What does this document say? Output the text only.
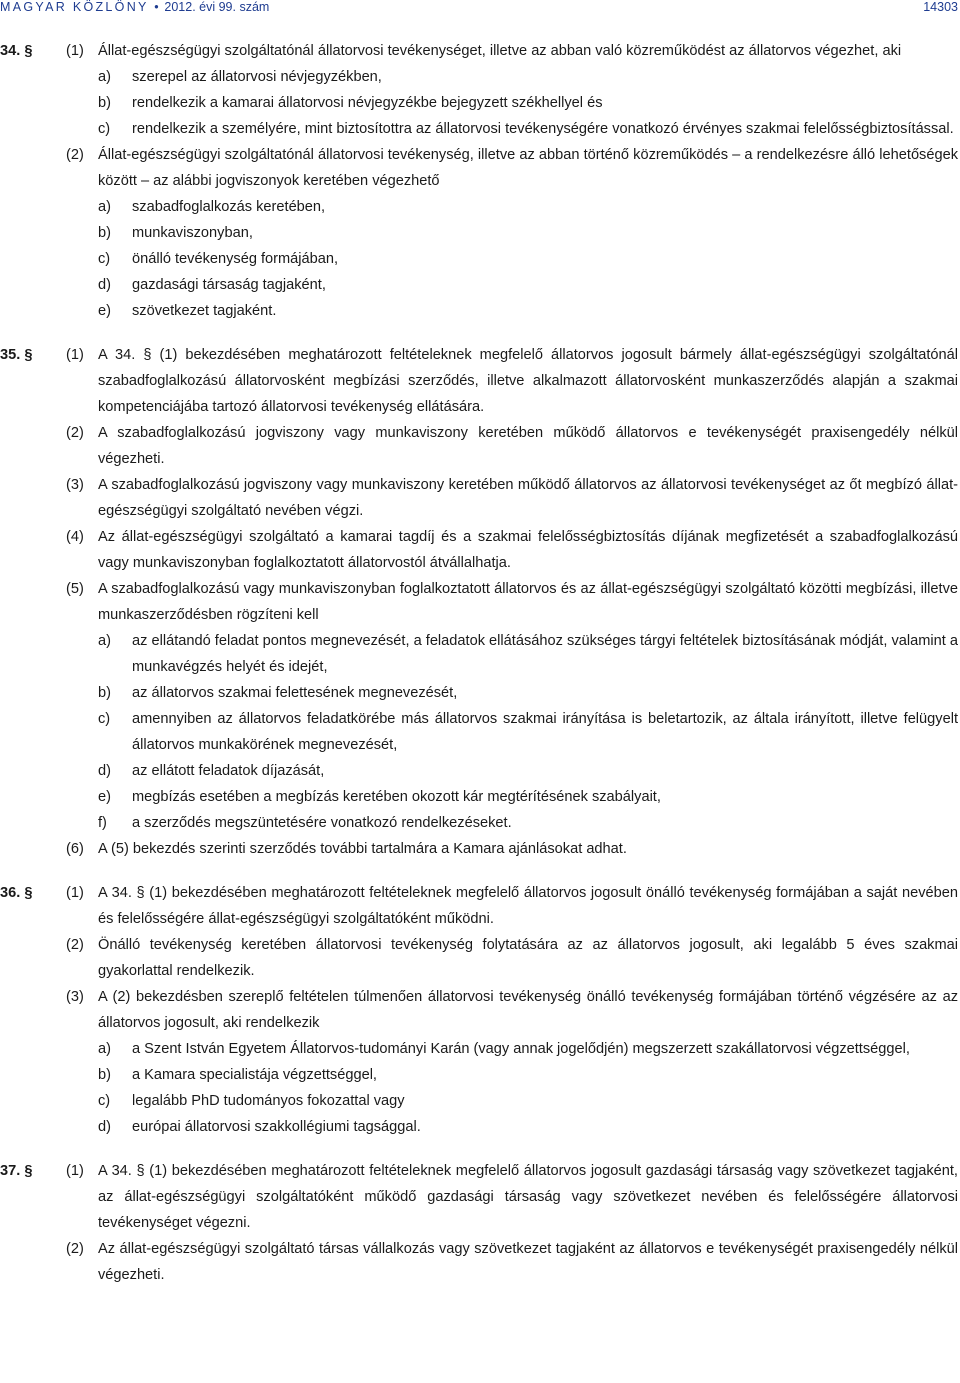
MAGYAR KÖZLÖNY • 2012. évi 99. szám	14303
34. § (1) Állat-egészségügyi szolgáltatónál állatorvosi tevékenységet, illetve az abban való közreműködést az állatorvos végezhet, aki
a) szerepel az állatorvosi névjegyzékben,
b) rendelkezik a kamarai állatorvosi névjegyzékbe bejegyzett székhellyel és
c) rendelkezik a személyére, mint biztosítottra az állatorvosi tevékenységére vonatkozó érvényes szakmai felelősségbiztosítással.
(2) Állat-egészségügyi szolgáltatónál állatorvosi tevékenység, illetve az abban történő közreműködés – a rendelkezésre álló lehetőségek között – az alábbi jogviszonyok keretében végezhető
a) szabadfoglalkozás keretében,
b) munkaviszonyban,
c) önálló tevékenység formájában,
d) gazdasági társaság tagjaként,
e) szövetkezet tagjaként.
35. § (1) A 34. § (1) bekezdésében meghatározott feltételeknek megfelelő állatorvos jogosult bármely állat-egészségügyi szolgáltatónál szabadfoglalkozású állatorvosként megbízási szerződés, illetve alkalmazott állatorvosként munkaszerződés alapján a szakmai kompetenciájába tartozó állatorvosi tevékenység ellátására.
(2) A szabadfoglalkozású jogviszony vagy munkaviszony keretében működő állatorvos e tevékenységét praxisengedély nélkül végezheti.
(3) A szabadfoglalkozású jogviszony vagy munkaviszony keretében működő állatorvos az állatorvosi tevékenységet az őt megbízó állat-egészségügyi szolgáltató nevében végzi.
(4) Az állat-egészségügyi szolgáltató a kamarai tagdíj és a szakmai felelősségbiztosítás díjának megfizetését a szabadfoglalkozású vagy munkaviszonyban foglalkoztatott állatorvostól átvállalhatja.
(5) A szabadfoglalkozású vagy munkaviszonyban foglalkoztatott állatorvos és az állat-egészségügyi szolgáltató közötti megbízási, illetve munkaszerződésben rögzíteni kell
a) az ellátandó feladat pontos megnevezését, a feladatok ellátásához szükséges tárgyi feltételek biztosításának módját, valamint a munkavégzés helyét és idejét,
b) az állatorvos szakmai felettesének megnevezését,
c) amennyiben az állatorvos feladatkörébe más állatorvos szakmai irányítása is beletartozik, az általa irányított, illetve felügyelt állatorvos munkakörének megnevezését,
d) az ellátott feladatok díjazását,
e) megbízás esetében a megbízás keretében okozott kár megtérítésének szabályait,
f) a szerződés megszüntetésére vonatkozó rendelkezéseket.
(6) A (5) bekezdés szerinti szerződés további tartalmára a Kamara ajánlásokat adhat.
36. § (1) A 34. § (1) bekezdésében meghatározott feltételeknek megfelelő állatorvos jogosult önálló tevékenység formájában a saját nevében és felelősségére állat-egészségügyi szolgáltatóként működni.
(2) Önálló tevékenység keretében állatorvosi tevékenység folytatására az az állatorvos jogosult, aki legalább 5 éves szakmai gyakorlattal rendelkezik.
(3) A (2) bekezdésben szereplő feltételen túlmenően állatorvosi tevékenység önálló tevékenység formájában történő végzésére az az állatorvos jogosult, aki rendelkezik
a) a Szent István Egyetem Állatorvos-tudományi Karán (vagy annak jogelődjén) megszerzett szakállatorvosi végzettséggel,
b) a Kamara specialistája végzettséggel,
c) legalább PhD tudományos fokozattal vagy
d) európai állatorvosi szakkollégiumi tagsággal.
37. § (1) A 34. § (1) bekezdésében meghatározott feltételeknek megfelelő állatorvos jogosult gazdasági társaság vagy szövetkezet tagjaként, az állat-egészségügyi szolgáltatóként működő gazdasági társaság vagy szövetkezet nevében és felelősségére állatorvosi tevékenységet végezni.
(2) Az állat-egészségügyi szolgáltató társas vállalkozás vagy szövetkezet tagjaként az állatorvos e tevékenységét praxisengedély nélkül végezheti.
